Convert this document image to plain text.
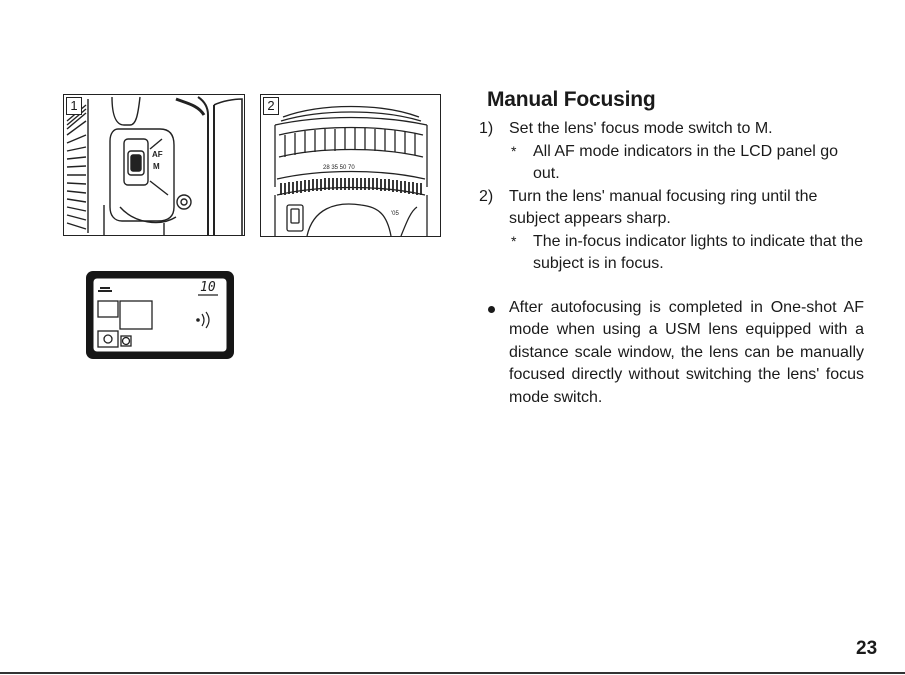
1
AF
M
2
28 35 50 70
'05
10
Manual Focusing
1) Set the lens' focus mode switch to M.
* All AF mode indicators in the LCD panel go out.
2) Turn the lens' manual focusing ring until the subject appears sharp.
* The in-focus indicator lights to indicate that the subject is in focus.
After autofocusing is completed in One-shot AF mode when using a USM lens equipped with a distance scale window, the lens can be manually focused directly without switching the lens' focus mode switch.
23
